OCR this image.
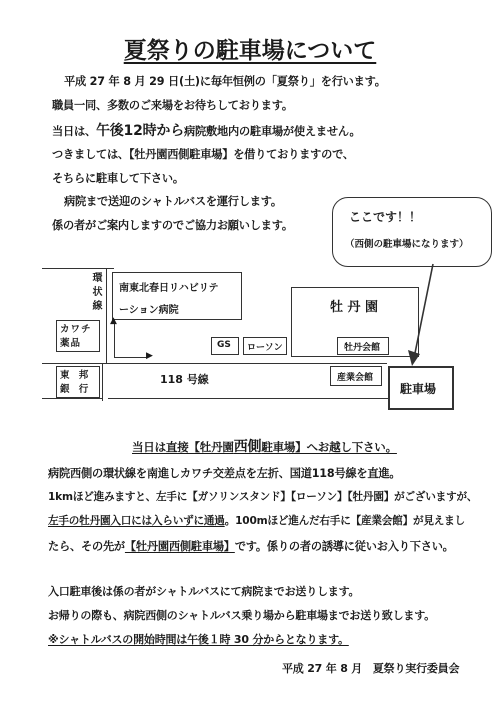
夏祭りの駐車場について
平成 27 年 8 月 29 日(土)に毎年恒例の「夏祭り」を行います。
職員一同、多数のご来場をお待ちしております。
当日は、午後12時から病院敷地内の駐車場が使えません。
つきましては、【牡丹園西側駐車場】を借りておりますので、
そちらに駐車して下さい。
病院まで送迎のシャトルバスを運行します。
係の者がご案内しますのでご協力お願いします。
ここです！！
（西側の駐車場になります）
環状線 南東北春日リハビリテ
ーション病院
▲
▶
カワチ薬品
東 邦 銀 行
牡 丹 園
GS ローソン	牡丹会館
118 号線	産業会館
駐車場
当日は直接【牡丹園西側駐車場】へお越し下さい。
病院西側の環状線を南進しカワチ交差点を左折、国道118号線を直進。
1kmほど進みますと、左手に【ガソリンスタンド】【ローソン】【牡丹園】がございますが、
左手の牡丹園入口には入らいずに通過。100mほど進んだ右手に【産業会館】が見えまし
たら、その先が【牡丹園西側駐車場】です。係りの者の誘導に従いお入り下さい。
入口駐車後は係の者がシャトルバスにて病院までお送りします。
お帰りの際も、病院西側のシャトルバス乗り場から駐車場までお送り致します。
※シャトルバスの開始時間は午後１時 30 分からとなります。
平成 27 年 8 月　夏祭り実行委員会
